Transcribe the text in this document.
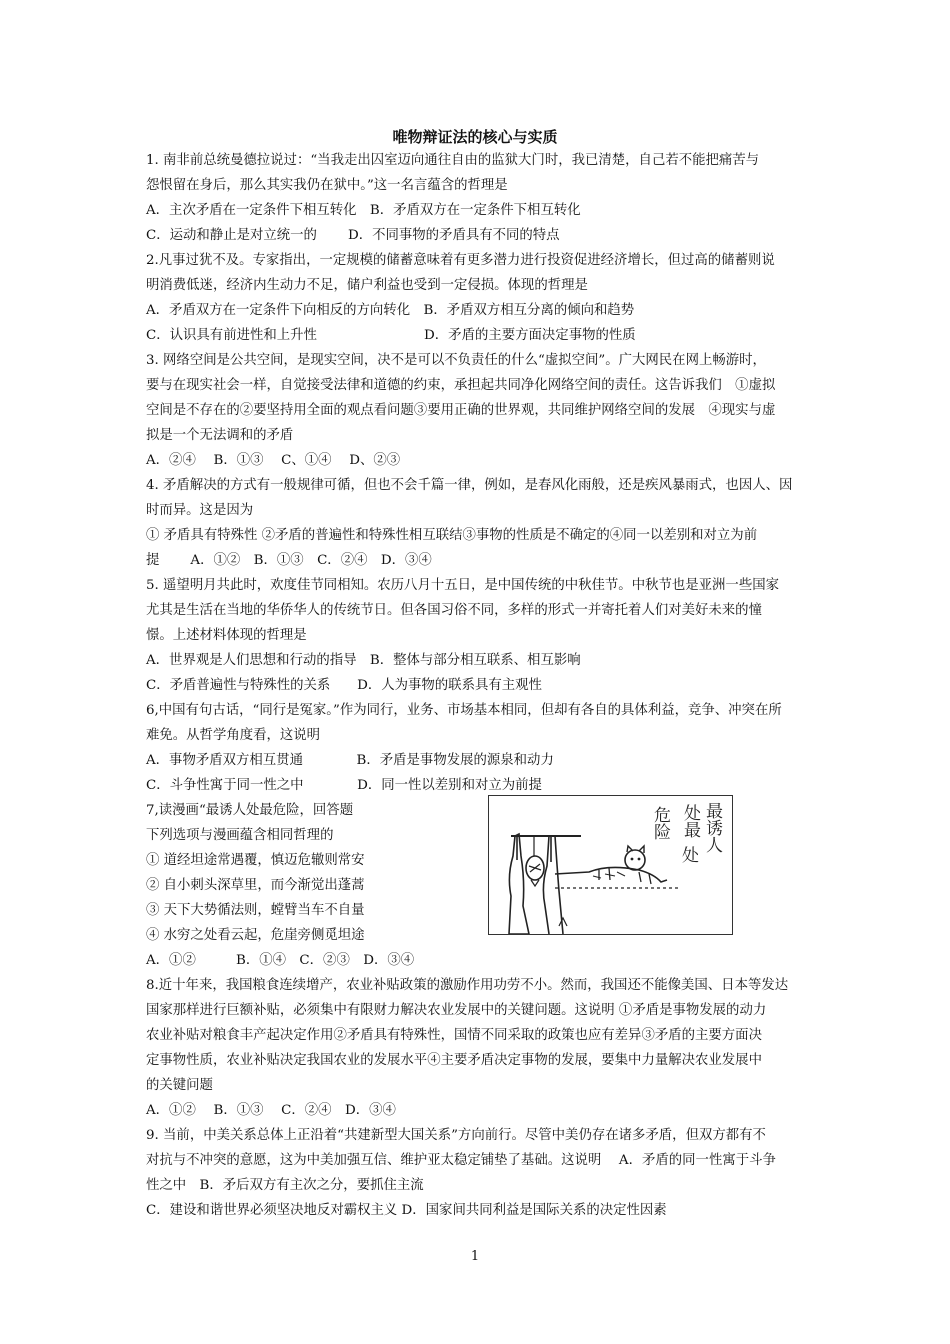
唯物辩证法的核心与实质
1. 南非前总统曼德拉说过：“当我走出囚室迈向通往自由的监狱大门时，我已清楚，自己若不能把痛苦与
怨恨留在身后，那么其实我仍在狱中。”这一名言蕴含的哲理是
A．主次矛盾在一定条件下相互转化　B．矛盾双方在一定条件下相互转化
C．运动和静止是对立统一的　　 D．不同事物的矛盾具有不同的特点
2.凡事过犹不及。专家指出，一定规模的储蓄意味着有更多潜力进行投资促进经济增长，但过高的储蓄则说
明消费低迷，经济内生动力不足，储户利益也受到一定侵损。体现的哲理是
A．矛盾双方在一定条件下向相反的方向转化　B．矛盾双方相互分离的倾向和趋势
C．认识具有前进性和上升性　　　　　　　　D．矛盾的主要方面决定事物的性质
3. 网络空间是公共空间，是现实空间，决不是可以不负责任的什么“虚拟空间”。广大网民在网上畅游时，
要与在现实社会一样，自觉接受法律和道德的约束，承担起共同净化网络空间的责任。这告诉我们　①虚拟
空间是不存在的②要坚持用全面的观点看问题③要用正确的世界观，共同维护网络空间的发展　④现实与虚
拟是一个无法调和的矛盾
A．②④　 B．①③　 C、①④　 D、②③
4. 矛盾解决的方式有一般规律可循，但也不会千篇一律，例如，是春风化雨般，还是疾风暴雨式，也因人、因
时而异。这是因为
① 矛盾具有特殊性 ②矛盾的普遍性和特殊性相互联结③事物的性质是不确定的④同一以差别和对立为前
提　　 A．①②　B．①③　C．②④　D．③④
5. 遥望明月共此时，欢度佳节同相知。农历八月十五日，是中国传统的中秋佳节。中秋节也是亚洲一些国家
尤其是生活在当地的华侨华人的传统节日。但各国习俗不同，多样的形式一并寄托着人们对美好未来的憧
憬。上述材料体现的哲理是
A．世界观是人们思想和行动的指导　B．整体与部分相互联系、相互影响
C．矛盾普遍性与特殊性的关系　　D．人为事物的联系具有主观性
6,中国有句古话，“同行是冤家。”作为同行，业务、市场基本相同，但却有各自的具体利益，竞争、冲突在所
难免。从哲学角度看，这说明
A．事物矛盾双方相互贯通　　　　B．矛盾是事物发展的源泉和动力
C．斗争性寓于同一性之中　　　　D．同一性以差别和对立为前提
7,读漫画“最诱人处最危险，回答题
下列选项与漫画蕴含相同哲理的
① 道经坦途常遇覆，慎迈危辙则常安
② 自小刺头深草里，而今渐觉出蓬蒿
③ 天下大势循法则，螳臂当车不自量
④ 水穷之处看云起，危崖旁侧觅坦途
A．①②　　　B．①④　C．②③　D．③④
8.近十年来，我国粮食连续增产，农业补贴政策的激励作用功劳不小。然而，我国还不能像美国、日本等发达
国家那样进行巨额补贴，必须集中有限财力解决农业发展中的关键问题。这说明 ①矛盾是事物发展的动力
农业补贴对粮食丰产起决定作用②矛盾具有特殊性，国情不同采取的政策也应有差异③矛盾的主要方面决
定事物性质，农业补贴决定我国农业的发展水平④主要矛盾决定事物的发展，要集中力量解决农业发展中
的关键问题
A．①②　 B．①③　 C．②④　D．③④
9. 当前，中美关系总体上正沿着“共建新型大国关系”方向前行。尽管中美仍存在诸多矛盾，但双方都有不
对抗与不冲突的意愿，这为中美加强互信、维护亚太稳定铺垫了基础。这说明　 A．矛盾的同一性寓于斗争
性之中　B．矛后双方有主次之分，要抓住主流
C．建设和谐世界必须坚决地反对霸权主义 D．国家间共同利益是国际关系的决定性因素
最诱人
处最
危险
处
1
